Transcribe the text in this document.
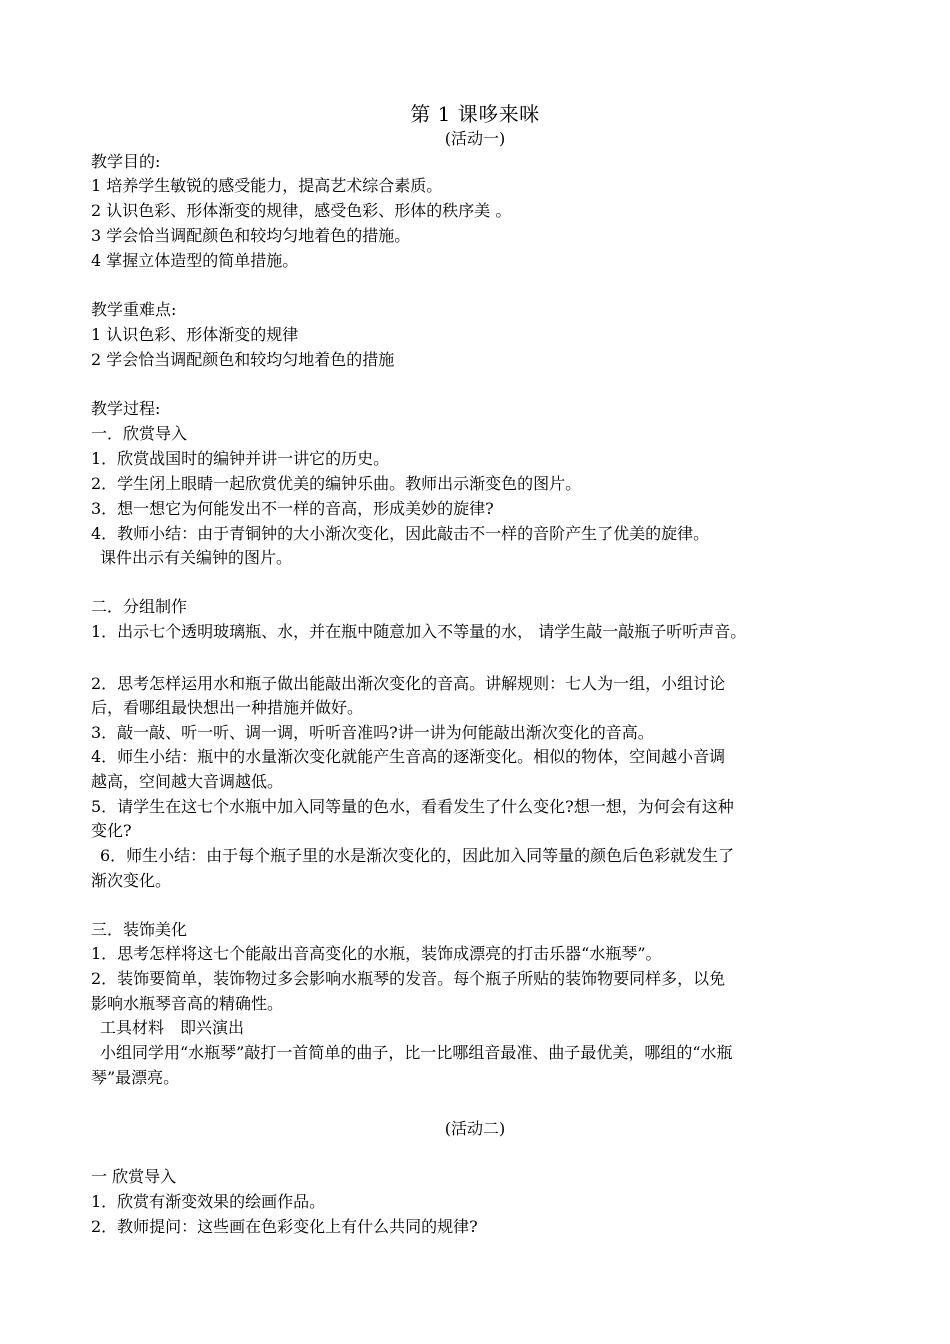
第 1 课哆来咪
(活动一)
教学目的:
1 培养学生敏锐的感受能力，提高艺术综合素质。
2 认识色彩、形体渐变的规律，感受色彩、形体的秩序美 。
3 学会恰当调配颜色和较均匀地着色的措施。
4 掌握立体造型的简单措施。
教学重难点:
1 认识色彩、形体渐变的规律
2 学会恰当调配颜色和较均匀地着色的措施
教学过程:
一．欣赏导入
1．欣赏战国时的编钟并讲一讲它的历史。
2．学生闭上眼睛一起欣赏优美的编钟乐曲。教师出示渐变色的图片。
3．想一想它为何能发出不一样的音高，形成美妙的旋律?
4．教师小结：由于青铜钟的大小渐次变化，因此敲击不一样的音阶产生了优美的旋律。
课件出示有关编钟的图片。
二．分组制作
1．出示七个透明玻璃瓶、水，并在瓶中随意加入不等量的水， 请学生敲一敲瓶子听听声音。
2．思考怎样运用水和瓶子做出能敲出渐次变化的音高。讲解规则：七人为一组，小组讨论
后，看哪组最快想出一种措施并做好。
3．敲一敲、听一听、调一调，听听音准吗?讲一讲为何能敲出渐次变化的音高。
4．师生小结：瓶中的水量渐次变化就能产生音高的逐渐变化。相似的物体，空间越小音调
越高，空间越大音调越低。
5．请学生在这七个水瓶中加入同等量的色水，看看发生了什么变化?想一想，为何会有这种
变化?
6．师生小结：由于每个瓶子里的水是渐次变化的，因此加入同等量的颜色后色彩就发生了
渐次变化。
三．装饰美化
1．思考怎样将这七个能敲出音高变化的水瓶，装饰成漂亮的打击乐器“水瓶琴”。
2．装饰要简单，装饰物过多会影响水瓶琴的发音。每个瓶子所贴的装饰物要同样多，以免
影响水瓶琴音高的精确性。
工具材料　即兴演出
小组同学用“水瓶琴”敲打一首简单的曲子，比一比哪组音最准、曲子最优美，哪组的“水瓶
琴”最漂亮。
(活动二)
一 欣赏导入
1．欣赏有渐变效果的绘画作品。
2．教师提问：这些画在色彩变化上有什么共同的规律?
